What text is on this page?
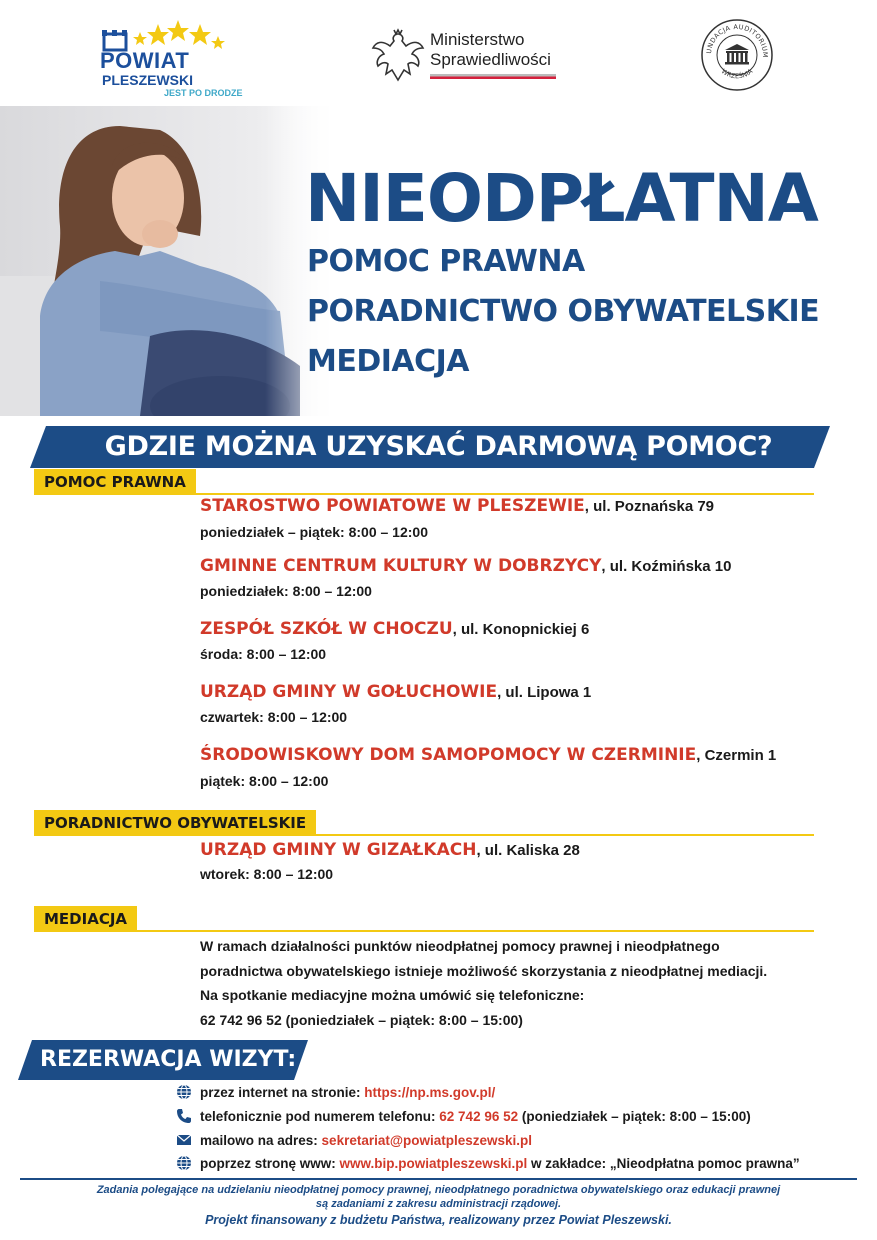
POWIAT
PLESZEWSKI
JEST PO DRODZE
Ministerstwo
Sprawiedliwości	UNDACJA AUDITORIUM
WRZEŚNIA
NIEODPŁATNA
POMOC PRAWNA
PORADNICTWO OBYWATELSKIE
MEDIACJA
GDZIE MOŻNA UZYSKAĆ DARMOWĄ POMOC?
POMOC PRAWNA
STAROSTWO POWIATOWE W PLESZEWIE, ul. Poznańska 79
poniedziałek – piątek: 8:00 – 12:00
GMINNE CENTRUM KULTURY W DOBRZYCY, ul. Koźmińska 10
poniedziałek: 8:00 – 12:00
ZESPÓŁ SZKÓŁ W CHOCZU, ul. Konopnickiej 6
środa: 8:00 – 12:00
URZĄD GMINY W GOŁUCHOWIE, ul. Lipowa 1
czwartek: 8:00 – 12:00
ŚRODOWISKOWY DOM SAMOPOMOCY W CZERMINIE, Czermin 1
piątek: 8:00 – 12:00
PORADNICTWO OBYWATELSKIE
URZĄD GMINY W GIZAŁKACH, ul. Kaliska 28
wtorek: 8:00 – 12:00
MEDIACJA
W ramach działalności punktów nieodpłatnej pomocy prawnej i nieodpłatnego
poradnictwa obywatelskiego istnieje możliwość skorzystania z nieodpłatnej mediacji.
Na spotkanie mediacyjne można umówić się telefoniczne:
62 742 96 52 (poniedziałek – piątek: 8:00 – 15:00)
REZERWACJA WIZYT:
przez internet na stronie: https://np.ms.gov.pl/
telefonicznie pod numerem telefonu: 62 742 96 52 (poniedziałek – piątek: 8:00 – 15:00)
mailowo na adres: sekretariat@powiatpleszewski.pl
poprzez stronę www: www.bip.powiatpleszewski.pl w zakładce: „Nieodpłatna pomoc prawna”
Zadania polegające na udzielaniu nieodpłatnej pomocy prawnej, nieodpłatnego poradnictwa obywatelskiego oraz edukacji prawnej
są zadaniami z zakresu administracji rządowej.
Projekt finansowany z budżetu Państwa, realizowany przez Powiat Pleszewski.
